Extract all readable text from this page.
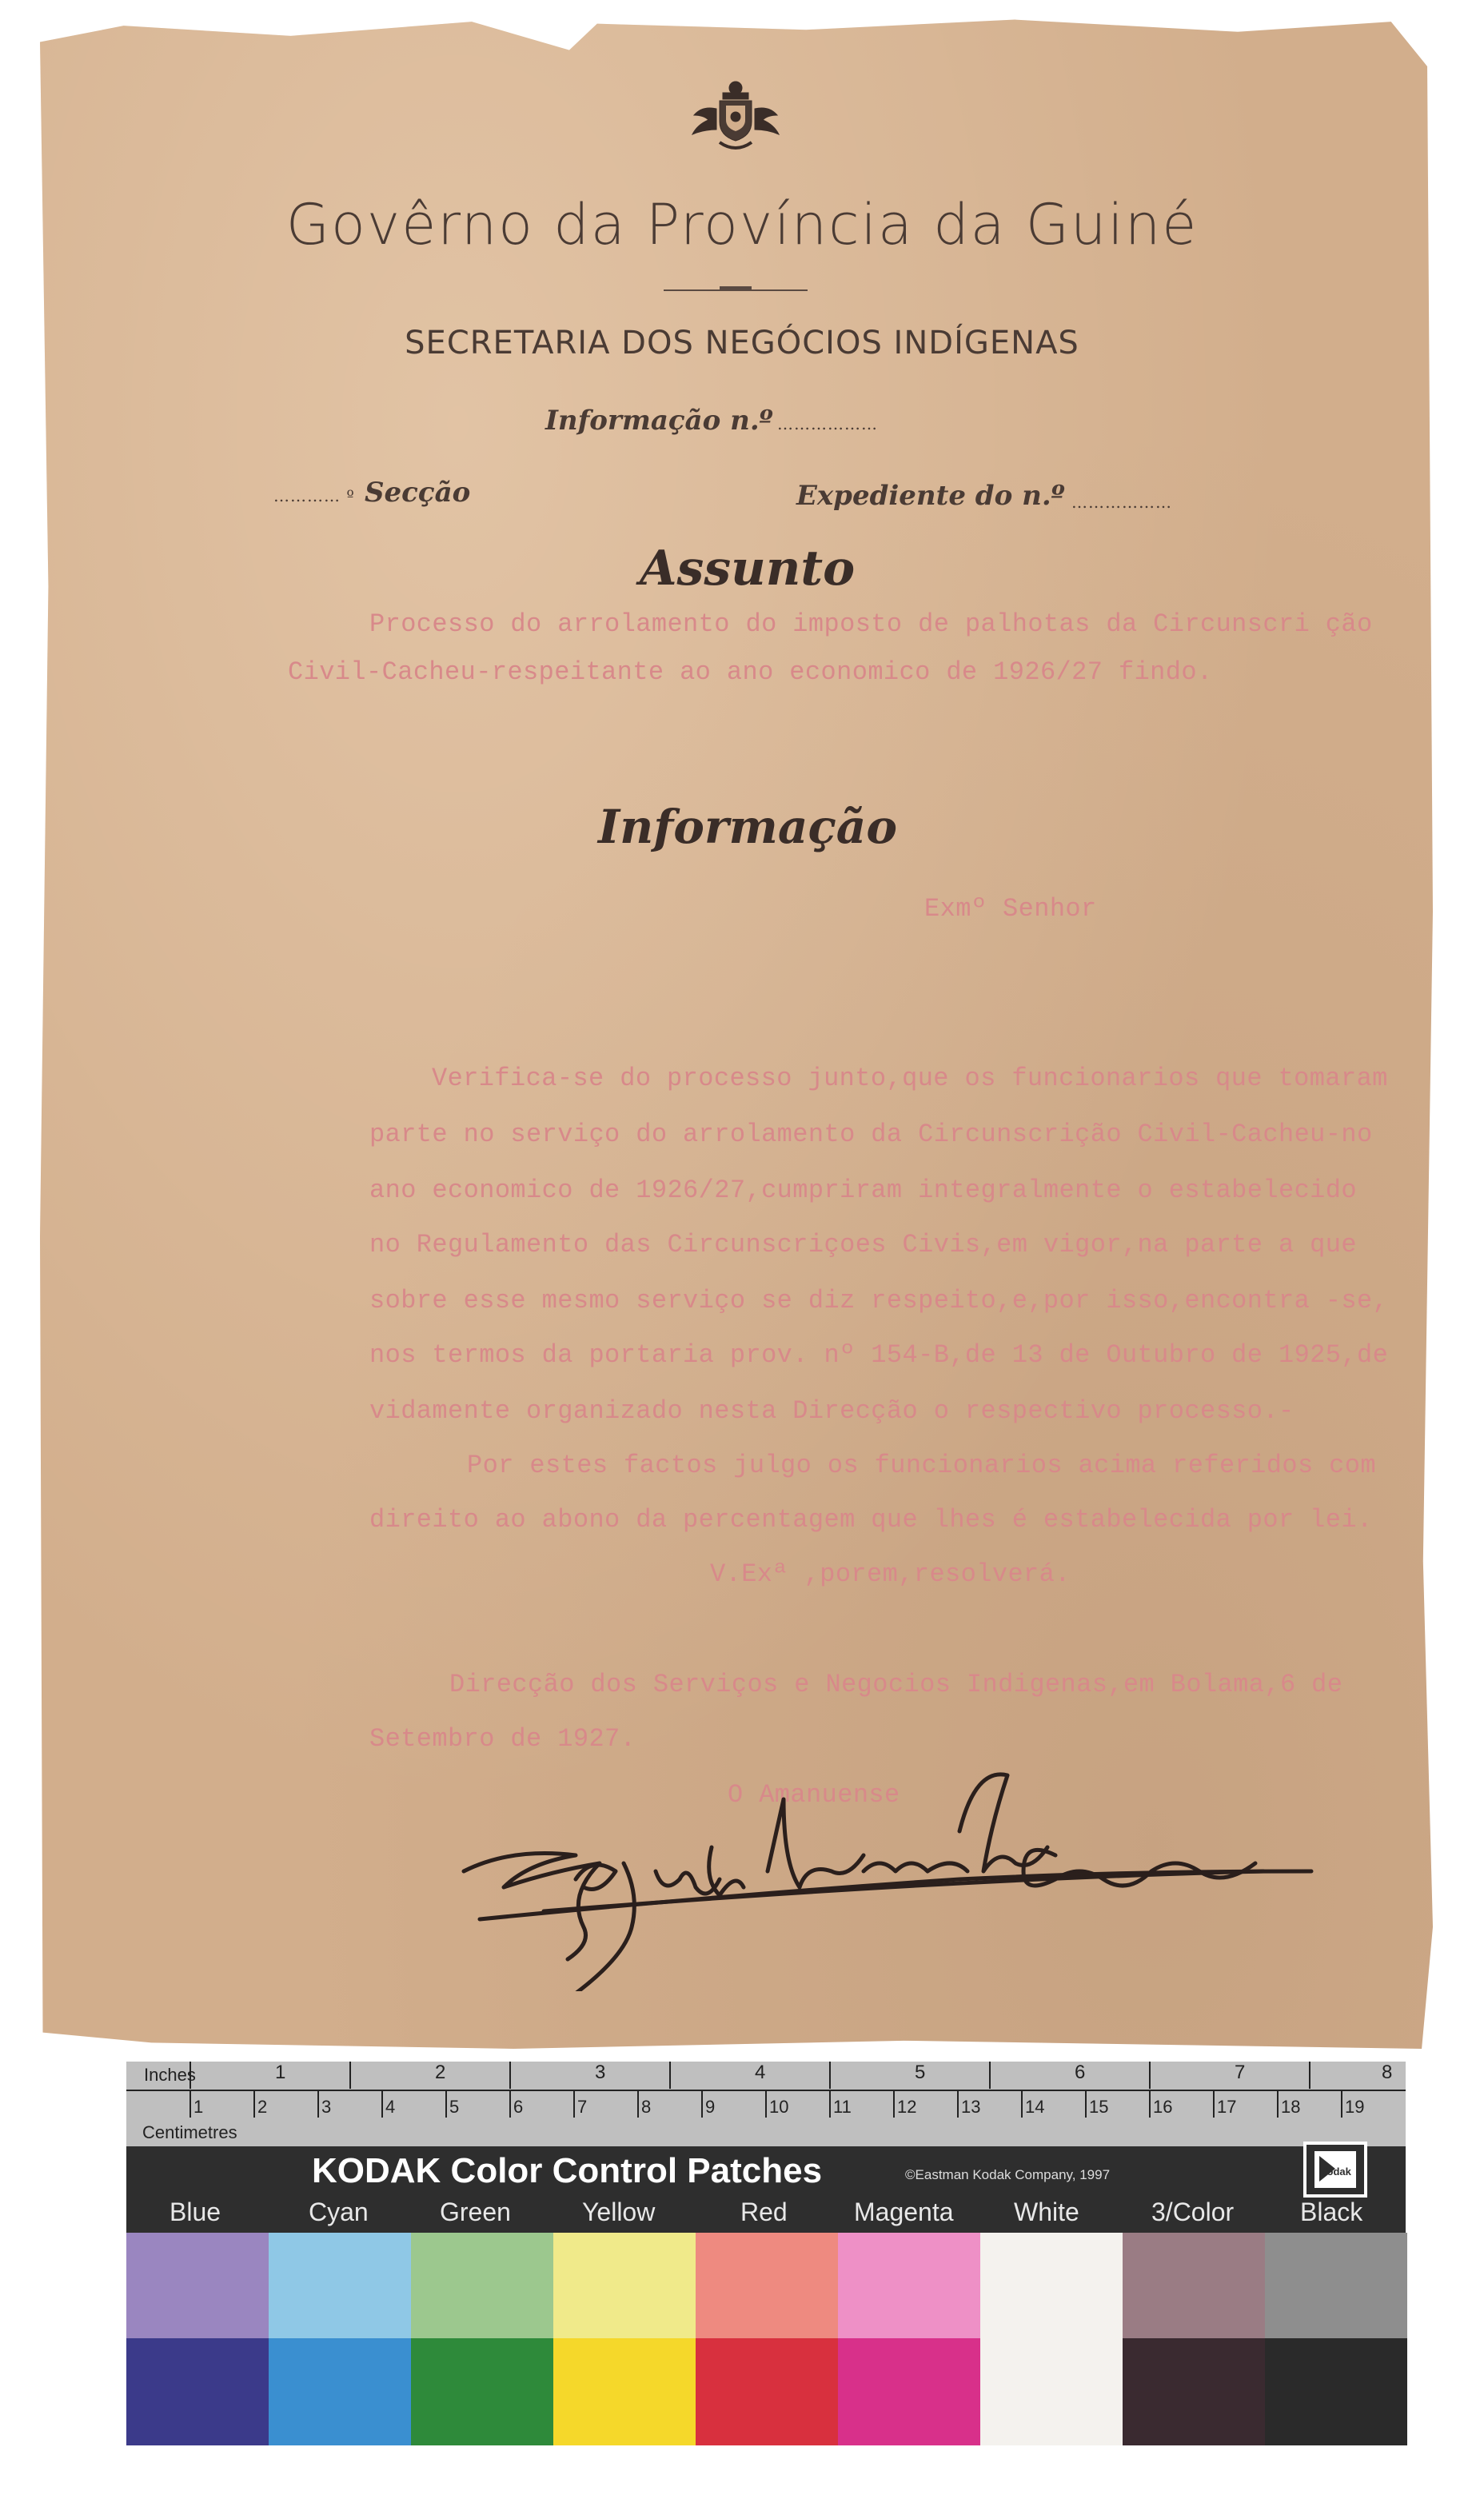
Govêrno da Província da Guiné
SECRETARIA DOS NEGÓCIOS INDÍGENAS
Informação n.º ………………
………… º Secção	Expediente do n.º ………………
Assunto
Processo do arrolamento do imposto de palhotas da Circunscri ção
Civil-Cacheu-respeitante ao ano economico de 1926/27 findo.
Informação
Exmº Senhor
Verifica-se do processo junto,que os funcionarios que tomaram
parte no serviço do arrolamento da Circunscrição Civil-Cacheu-no
ano economico de 1926/27,cumpriram integralmente o estabelecido
no Regulamento das Circunscriçoes Civis,em vigor,na parte a que
sobre esse mesmo serviço se diz respeito,e,por isso,encontra -se,
nos termos da portaria prov. nº 154-B,de 13 de Outubro de 1925,de
vidamente organizado nesta Direcção o respectivo processo.-
Por estes factos julgo os funcionarios acima referidos com
direito ao abono da percentagem que lhes é estabelecida por lei.
V.Exª ,porem,resolverá.
Direcção dos Serviços e Negocios Indigenas,em Bolama,6 de
Setembro de 1927.
O Amanuense
Inches
Centimetres
1	2	3	4	5	6	7	8
1	2	3	4	5	6	7	8	9	10	11	12	13	14	15	16	17	18	19
KODAK Color Control Patches	©Eastman Kodak Company, 1997	Kodak
Blue	Cyan	Green	Yellow	Red	Magenta White	3/Color	Black
